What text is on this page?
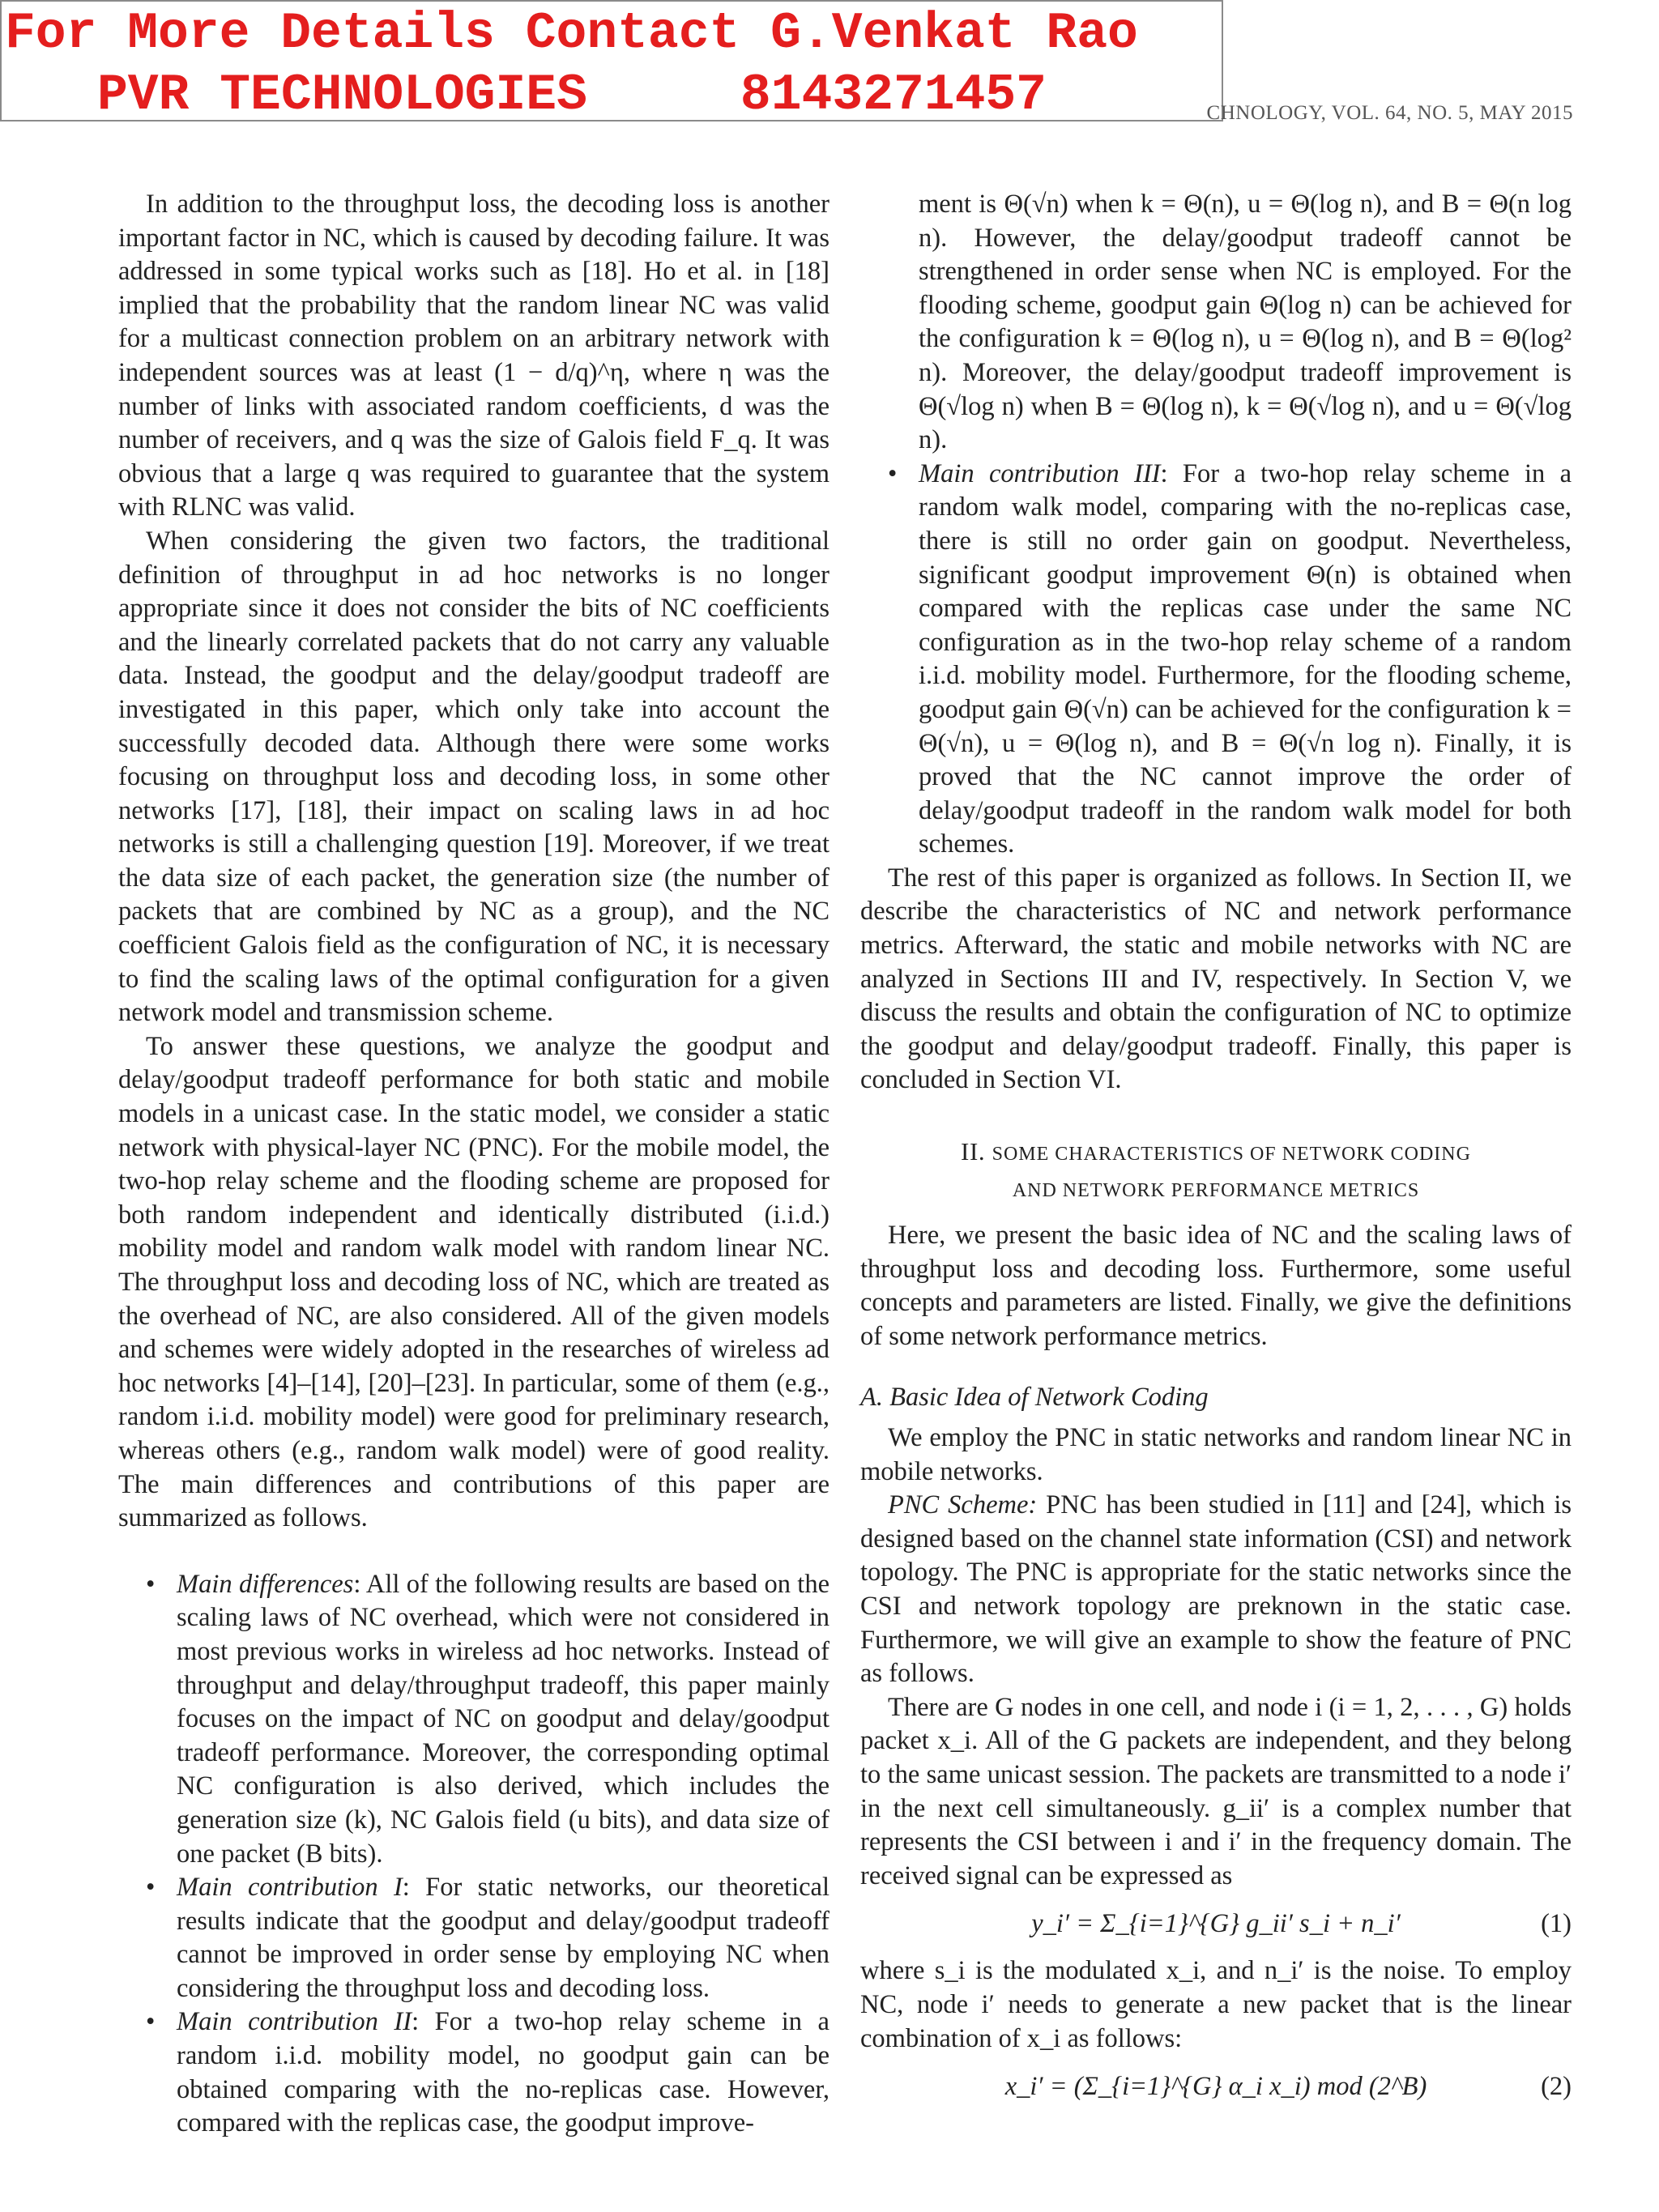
For More Details Contact G.Venkat Rao
PVR TECHNOLOGIES     8143271457	CHNOLOGY, VOL. 64, NO. 5, MAY 2015

In addition to the throughput loss, the decoding loss is another important factor in NC, which is caused by decoding failure. It was addressed in some typical works such as [18]. Ho et al. in [18] implied that the probability that the random linear NC was valid for a multicast connection problem on an arbitrary network with independent sources was at least (1 − d/q)^η, where η was the number of links with associated random coefficients, d was the number of receivers, and q was the size of Galois field F_q. It was obvious that a large q was required to guarantee that the system with RLNC was valid.

When considering the given two factors, the traditional definition of throughput in ad hoc networks is no longer appropriate since it does not consider the bits of NC coefficients and the linearly correlated packets that do not carry any valuable data. Instead, the goodput and the delay/goodput tradeoff are investigated in this paper, which only take into account the successfully decoded data. Although there were some works focusing on throughput loss and decoding loss, in some other networks [17], [18], their impact on scaling laws in ad hoc networks is still a challenging question [19]. Moreover, if we treat the data size of each packet, the generation size (the number of packets that are combined by NC as a group), and the NC coefficient Galois field as the configuration of NC, it is necessary to find the scaling laws of the optimal configuration for a given network model and transmission scheme.

To answer these questions, we analyze the goodput and delay/goodput tradeoff performance for both static and mobile models in a unicast case. In the static model, we consider a static network with physical-layer NC (PNC). For the mobile model, the two-hop relay scheme and the flooding scheme are proposed for both random independent and identically distributed (i.i.d.) mobility model and random walk model with random linear NC. The throughput loss and decoding loss of NC, which are treated as the overhead of NC, are also considered. All of the given models and schemes were widely adopted in the researches of wireless ad hoc networks [4]–[14], [20]–[23]. In particular, some of them (e.g., random i.i.d. mobility model) were good for preliminary research, whereas others (e.g., random walk model) were of good reality. The main differences and contributions of this paper are summarized as follows.

• Main differences: All of the following results are based on the scaling laws of NC overhead, which were not considered in most previous works in wireless ad hoc networks. Instead of throughput and delay/throughput tradeoff, this paper mainly focuses on the impact of NC on goodput and delay/goodput tradeoff performance. Moreover, the corresponding optimal NC configuration is also derived, which includes the generation size (k), NC Galois field (u bits), and data size of one packet (B bits).
• Main contribution I: For static networks, our theoretical results indicate that the goodput and delay/goodput tradeoff cannot be improved in order sense by employing NC when considering the throughput loss and decoding loss.
• Main contribution II: For a two-hop relay scheme in a random i.i.d. mobility model, no goodput gain can be obtained comparing with the no-replicas case. However, compared with the replicas case, the goodput improve-
ment is Θ(√n) when k = Θ(n), u = Θ(log n), and B = Θ(n log n). However, the delay/goodput tradeoff cannot be strengthened in order sense when NC is employed. For the flooding scheme, goodput gain Θ(log n) can be achieved for the configuration k = Θ(log n), u = Θ(log n), and B = Θ(log² n). Moreover, the delay/goodput tradeoff improvement is Θ(√log n) when B = Θ(log n), k = Θ(√log n), and u = Θ(√log n).
• Main contribution III: For a two-hop relay scheme in a random walk model, comparing with the no-replicas case, there is still no order gain on goodput. Nevertheless, significant goodput improvement Θ(n) is obtained when compared with the replicas case under the same NC configuration as in the two-hop relay scheme of a random i.i.d. mobility model. Furthermore, for the flooding scheme, goodput gain Θ(√n) can be achieved for the configuration k = Θ(√n), u = Θ(log n), and B = Θ(√n log n). Finally, it is proved that the NC cannot improve the order of delay/goodput tradeoff in the random walk model for both schemes.

The rest of this paper is organized as follows. In Section II, we describe the characteristics of NC and network performance metrics. Afterward, the static and mobile networks with NC are analyzed in Sections III and IV, respectively. In Section V, we discuss the results and obtain the configuration of NC to optimize the goodput and delay/goodput tradeoff. Finally, this paper is concluded in Section VI.

II. SOME CHARACTERISTICS OF NETWORK CODING
AND NETWORK PERFORMANCE METRICS

Here, we present the basic idea of NC and the scaling laws of throughput loss and decoding loss. Furthermore, some useful concepts and parameters are listed. Finally, we give the definitions of some network performance metrics.

A. Basic Idea of Network Coding

We employ the PNC in static networks and random linear NC in mobile networks.

PNC Scheme: PNC has been studied in [11] and [24], which is designed based on the channel state information (CSI) and network topology. The PNC is appropriate for the static networks since the CSI and network topology are preknown in the static case. Furthermore, we will give an example to show the feature of PNC as follows.

There are G nodes in one cell, and node i (i = 1, 2, . . . , G) holds packet x_i. All of the G packets are independent, and they belong to the same unicast session. The packets are transmitted to a node i′ in the next cell simultaneously. g_ii′ is a complex number that represents the CSI between i and i′ in the frequency domain. The received signal can be expressed as

y_i′ = Σ_{i=1}^{G} g_ii′ s_i + n_i′	(1)

where s_i is the modulated x_i, and n_i′ is the noise. To employ NC, node i′ needs to generate a new packet that is the linear combination of x_i as follows:

x_i′ = (Σ_{i=1}^{G} α_i x_i) mod (2^B)	(2)
